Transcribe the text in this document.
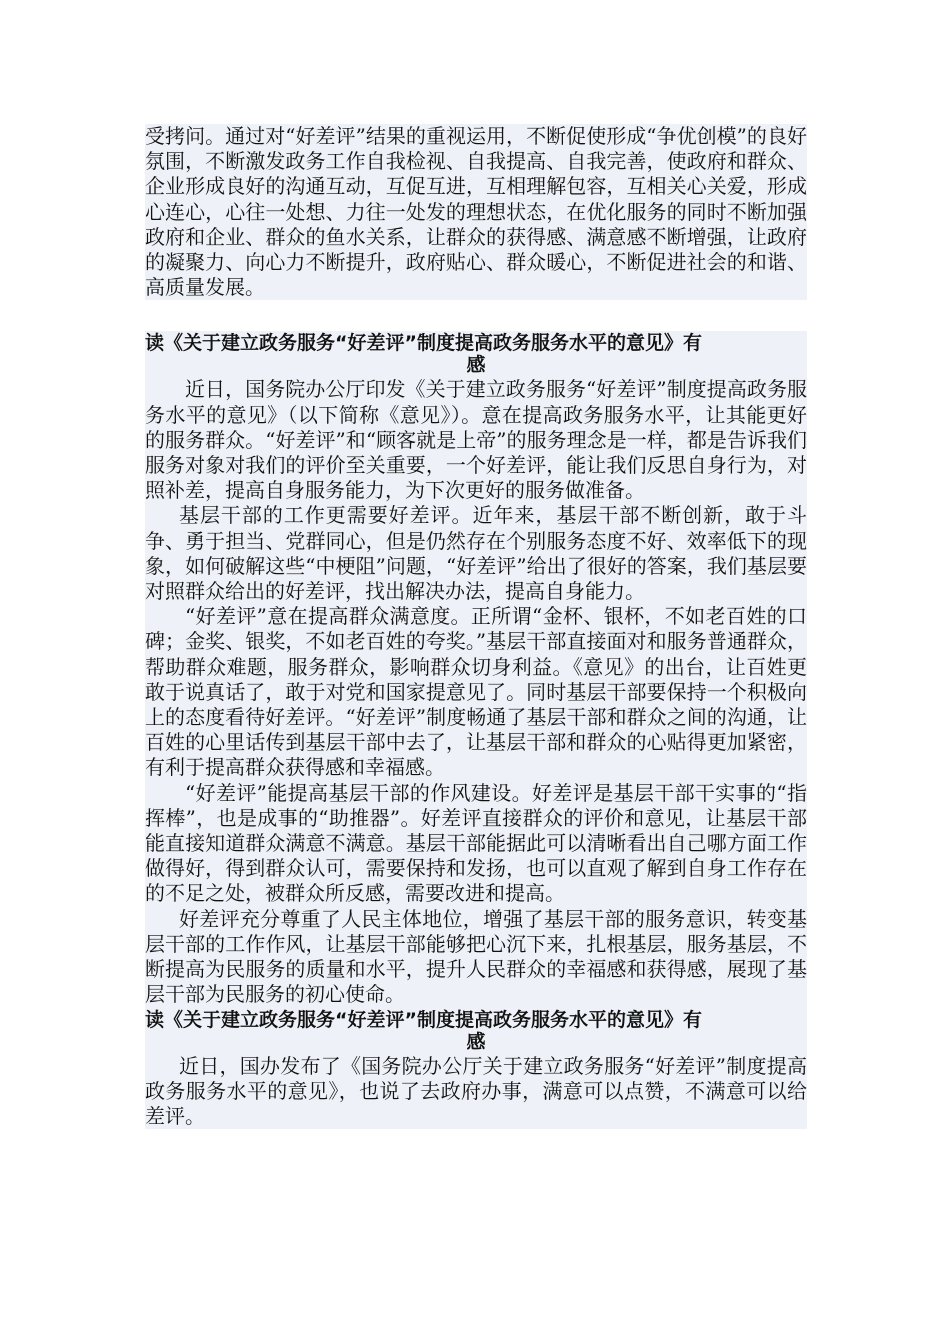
受拷问。通过对“好差评”结果的重视运用，不断促使形成“争优创模”的良好氛围，不断激发政务工作自我检视、自我提高、自我完善，使政府和群众、企业形成良好的沟通互动，互促互进，互相理解包容，互相关心关爱，形成心连心，心往一处想、力往一处发的理想状态，在优化服务的同时不断加强政府和企业、群众的鱼水关系，让群众的获得感、满意感不断增强，让政府的凝聚力、向心力不断提升，政府贴心、群众暖心，不断促进社会的和谐、高质量发展。

读《关于建立政务服务“好差评”制度提高政务服务水平的意见》有
感

近日，国务院办公厅印发《关于建立政务服务“好差评”制度提高政务服务水平的意见》（以下简称《意见》）。意在提高政务服务水平，让其能更好的服务群众。“好差评”和“顾客就是上帝”的服务理念是一样，都是告诉我们服务对象对我们的评价至关重要，一个好差评，能让我们反思自身行为，对照补差，提高自身服务能力，为下次更好的服务做准备。

基层干部的工作更需要好差评。近年来，基层干部不断创新，敢于斗争、勇于担当、党群同心，但是仍然存在个别服务态度不好、效率低下的现象，如何破解这些“中梗阻”问题，“好差评”给出了很好的答案，我们基层要对照群众给出的好差评，找出解决办法，提高自身能力。

“好差评”意在提高群众满意度。正所谓“金杯、银杯，不如老百姓的口碑；金奖、银奖，不如老百姓的夸奖。”基层干部直接面对和服务普通群众，帮助群众难题，服务群众，影响群众切身利益。《意见》的出台，让百姓更敢于说真话了，敢于对党和国家提意见了。同时基层干部要保持一个积极向上的态度看待好差评。“好差评”制度畅通了基层干部和群众之间的沟通，让百姓的心里话传到基层干部中去了，让基层干部和群众的心贴得更加紧密，有利于提高群众获得感和幸福感。

“好差评”能提高基层干部的作风建设。好差评是基层干部干实事的“指挥棒”，也是成事的“助推器”。好差评直接群众的评价和意见，让基层干部能直接知道群众满意不满意。基层干部能据此可以清晰看出自己哪方面工作做得好，得到群众认可，需要保持和发扬，也可以直观了解到自身工作存在的不足之处，被群众所反感，需要改进和提高。

好差评充分尊重了人民主体地位，增强了基层干部的服务意识，转变基层干部的工作作风，让基层干部能够把心沉下来，扎根基层，服务基层，不断提高为民服务的质量和水平，提升人民群众的幸福感和获得感，展现了基层干部为民服务的初心使命。

读《关于建立政务服务“好差评”制度提高政务服务水平的意见》有
感

近日，国办发布了《国务院办公厅关于建立政务服务“好差评”制度提高政务服务水平的意见》，也说了去政府办事，满意可以点赞，不满意可以给差评。
